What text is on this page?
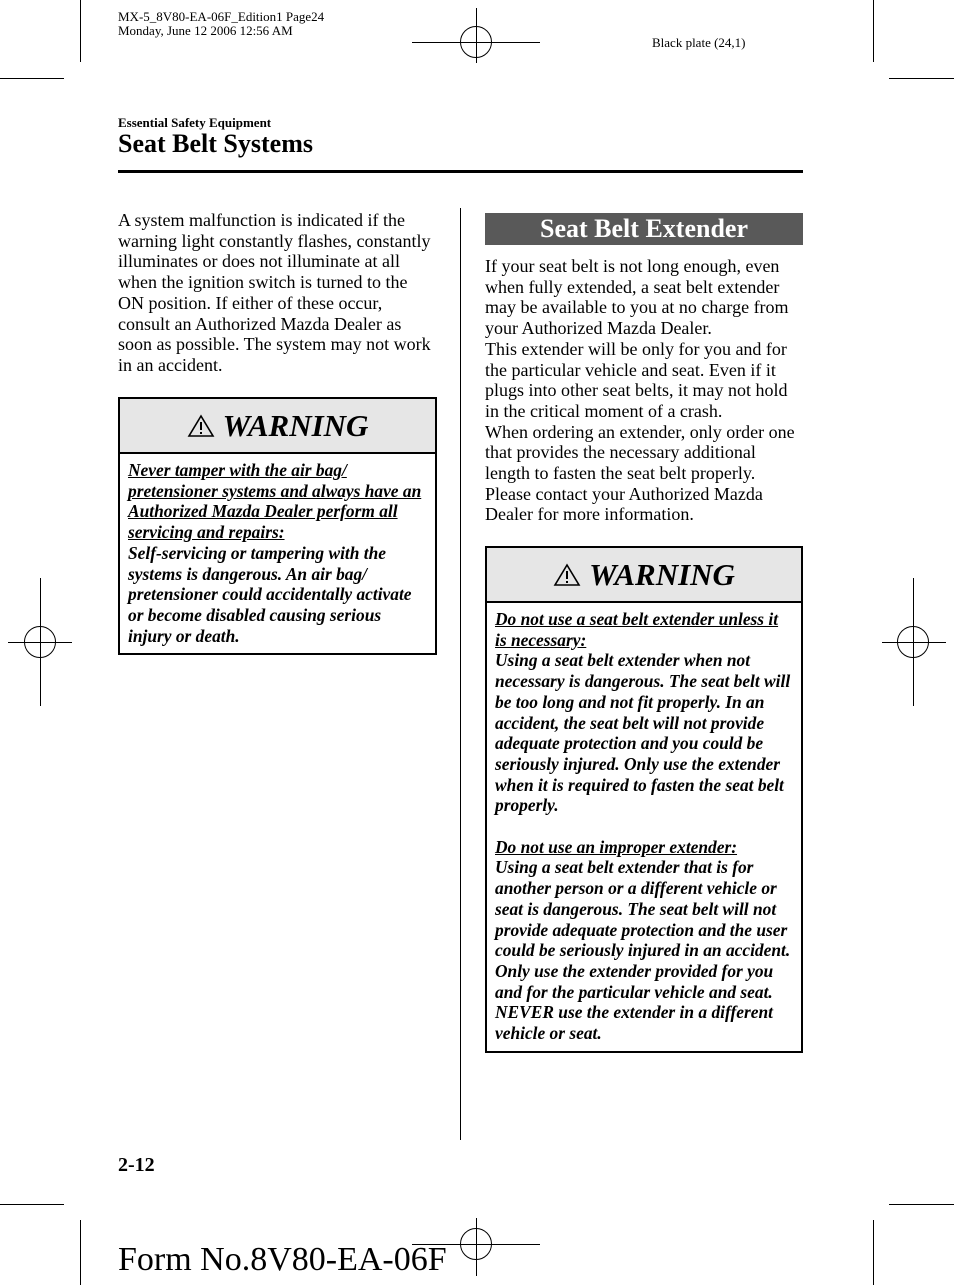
MX-5_8V80-EA-06F_Edition1 Page24
Monday, June 12 2006 12:56 AM
Black plate (24,1)
Essential Safety Equipment
Seat Belt Systems
A system malfunction is indicated if the warning light constantly flashes, constantly illuminates or does not illuminate at all when the ignition switch is turned to the ON position. If either of these occur, consult an Authorized Mazda Dealer as soon as possible. The system may not work in an accident.
WARNING

Never tamper with the air bag/ pretensioner systems and always have an Authorized Mazda Dealer perform all servicing and repairs:

Self-servicing or tampering with the systems is dangerous. An air bag/ pretensioner could accidentally activate or become disabled causing serious injury or death.

Seat Belt Extender

If your seat belt is not long enough, even when fully extended, a seat belt extender may be available to you at no charge from your Authorized Mazda Dealer.

This extender will be only for you and for the particular vehicle and seat. Even if it plugs into other seat belts, it may not hold in the critical moment of a crash.

When ordering an extender, only order one that provides the necessary additional length to fasten the seat belt properly.

Please contact your Authorized Mazda Dealer for more information.

WARNING

Do not use a seat belt extender unless it is necessary:

Using a seat belt extender when not necessary is dangerous. The seat belt will be too long and not fit properly. In an accident, the seat belt will not provide adequate protection and you could be seriously injured. Only use the extender when it is required to fasten the seat belt properly.

Do not use an improper extender:

Using a seat belt extender that is for another person or a different vehicle or seat is dangerous. The seat belt will not provide adequate protection and the user could be seriously injured in an accident. Only use the extender provided for you and for the particular vehicle and seat. NEVER use the extender in a different vehicle or seat.

2-12
Form No.8V80-EA-06F
